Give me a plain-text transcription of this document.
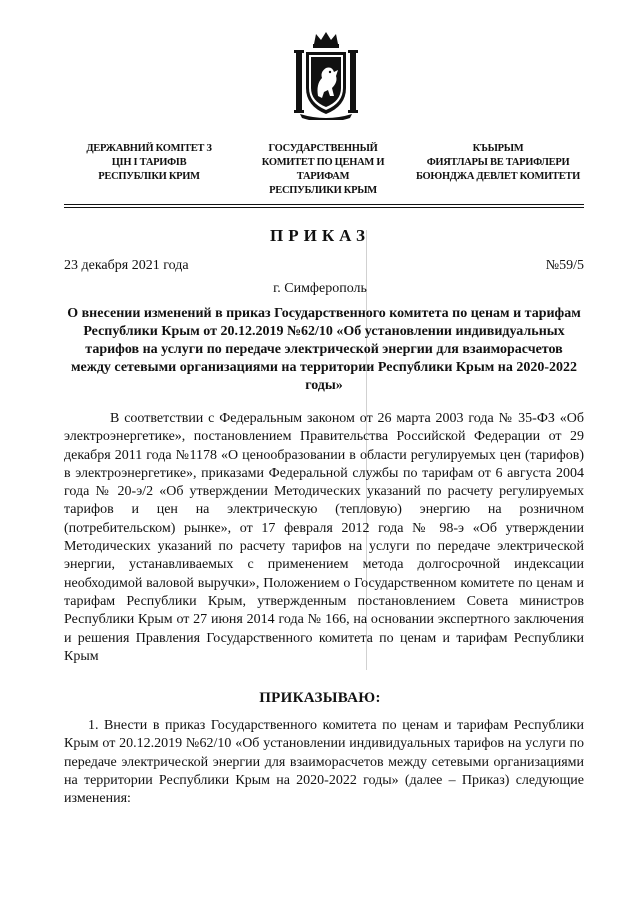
ДЕРЖАВНИЙ КОМІТЕТ З
ЦІН І ТАРИФІВ
РЕСПУБЛІКИ КРИМ
ГОСУДАРСТВЕННЫЙ
КОМИТЕТ ПО ЦЕНАМ И
ТАРИФАМ
РЕСПУБЛИКИ КРЫМ
КЪЫРЫМ
ФИЯТЛАРЫ ВЕ ТАРИФЛЕРИ
БОЮНДЖА ДЕВЛЕТ КОМИТЕТИ
ПРИКАЗ
23 декабря 2021 года	№59/5
г. Симферополь
О внесении изменений в приказ Государственного комитета по ценам и тарифам Республики Крым от 20.12.2019 №62/10 «Об установлении индивидуальных тарифов на услуги по передаче электрической энергии для взаиморасчетов между сетевыми организациями на территории Республики Крым на 2020-2022 годы»
В соответствии с Федеральным законом от 26 марта 2003 года № 35-ФЗ «Об электроэнергетике», постановлением Правительства Российской Федерации от 29 декабря 2011 года №1178 «О ценообразовании в области регулируемых цен (тарифов) в электроэнергетике», приказами Федеральной службы по тарифам от 6 августа 2004 года № 20-э/2 «Об утверждении Методических указаний по расчету регулируемых тарифов и цен на электрическую (тепловую) энергию на розничном (потребительском) рынке», от 17 февраля 2012 года № 98-э «Об утверждении Методических указаний по расчету тарифов на услуги по передаче электрической энергии, устанавливаемых с применением метода долгосрочной индексации необходимой валовой выручки», Положением о Государственном комитете по ценам и тарифам Республики Крым, утвержденным постановлением Совета министров Республики Крым от 27 июня 2014 года № 166, на основании экспертного заключения и решения Правления Государственного комитета по ценам и тарифам Республики Крым
ПРИКАЗЫВАЮ:
1. Внести в приказ Государственного комитета по ценам и тарифам Республики Крым от 20.12.2019 №62/10 «Об установлении индивидуальных тарифов на услуги по передаче электрической энергии для взаиморасчетов между сетевыми организациями на территории Республики Крым на 2020-2022 годы» (далее – Приказ) следующие изменения:
